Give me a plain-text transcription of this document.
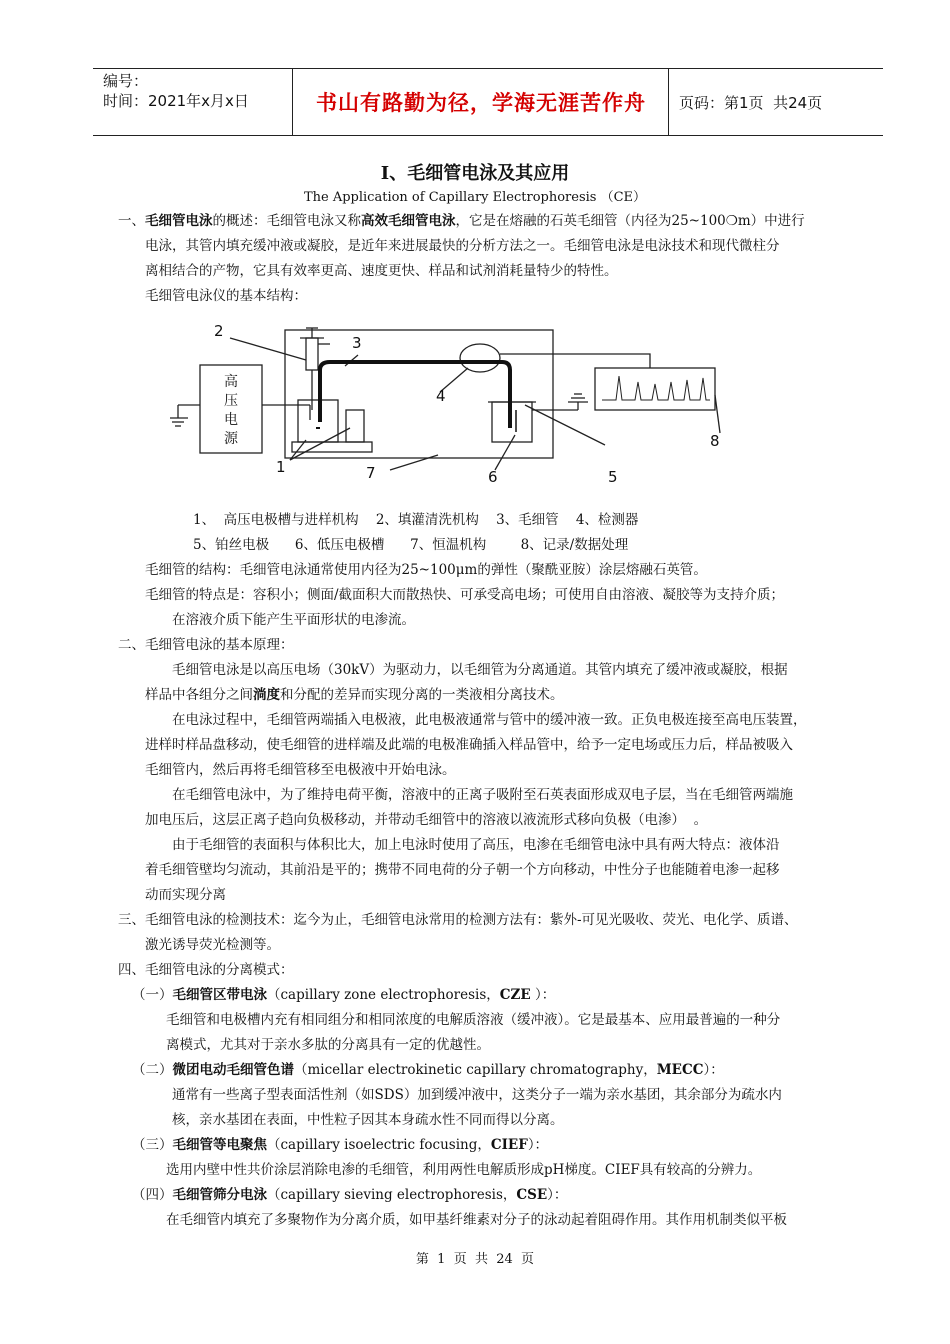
编号：
时间：2021年x月x日	书山有路勤为径，学海无涯苦作舟	页码：第1页  共24页
I、毛细管电泳及其应用
The Application of Capillary Electrophoresis （CE）
一、毛细管电泳的概述：毛细管电泳又称高效毛细管电泳，它是在熔融的石英毛细管（内径为25~100❍m）中进行
电泳，其管内填充缓冲液或凝胶，是近年来进展最快的分析方法之一。毛细管电泳是电泳技术和现代微柱分
离相结合的产物，它具有效率更高、速度更快、样品和试剂消耗量特少的特性。
毛细管电泳仪的基本结构：
2
3
4
8
5
6
7
1
高
压
电
源
1、  高压电极槽与进样机构    2、填灌清洗机构    3、毛细管    4、检测器
5、铂丝电极      6、低压电极槽      7、恒温机构        8、记录/数据处理
毛细管的结构：毛细管电泳通常使用内径为25~100μm的弹性（聚酰亚胺）涂层熔融石英管。
毛细管的特点是：容积小；侧面/截面积大而散热快、可承受高电场；可使用自由溶液、凝胶等为支持介质；
在溶液介质下能产生平面形状的电渗流。
二、毛细管电泳的基本原理：
毛细管电泳是以高压电场（30kV）为驱动力，以毛细管为分离通道。其管内填充了缓冲液或凝胶，根据
样品中各组分之间淌度和分配的差异而实现分离的一类液相分离技术。
在电泳过程中，毛细管两端插入电极液，此电极液通常与管中的缓冲液一致。正负电极连接至高电压装置，
进样时样品盘移动，使毛细管的进样端及此端的电极准确插入样品管中，给予一定电场或压力后，样品被吸入
毛细管内，然后再将毛细管移至电极液中开始电泳。
在毛细管电泳中，为了维持电荷平衡，溶液中的正离子吸附至石英表面形成双电子层，当在毛细管两端施
加电压后，这层正离子趋向负极移动，并带动毛细管中的溶液以液流形式移向负极（电渗）  。
由于毛细管的表面积与体积比大，加上电泳时使用了高压，电渗在毛细管电泳中具有两大特点：液体沿
着毛细管壁均匀流动，其前沿是平的；携带不同电荷的分子朝一个方向移动，中性分子也能随着电渗一起移
动而实现分离
三、毛细管电泳的检测技术：迄今为止，毛细管电泳常用的检测方法有：紫外-可见光吸收、荧光、电化学、质谱、
激光诱导荧光检测等。
四、毛细管电泳的分离模式：
（一）毛细管区带电泳（capillary zone electrophoresis，CZE ）：
毛细管和电极槽内充有相同组分和相同浓度的电解质溶液（缓冲液）。它是最基本、应用最普遍的一种分
离模式，尤其对于亲水多肽的分离具有一定的优越性。
（二）微团电动毛细管色谱（micellar electrokinetic capillary chromatography，MECC）：
通常有一些离子型表面活性剂（如SDS）加到缓冲液中，这类分子一端为亲水基团，其余部分为疏水内
核，亲水基团在表面，中性粒子因其本身疏水性不同而得以分离。
（三）毛细管等电聚焦（capillary isoelectric focusing，CIEF）：
选用内壁中性共价涂层消除电渗的毛细管，利用两性电解质形成pH梯度。CIEF具有较高的分辨力。
（四）毛细管筛分电泳（capillary sieving electrophoresis，CSE）：
在毛细管内填充了多聚物作为分离介质，如甲基纤维素对分子的泳动起着阻碍作用。其作用机制类似平板
第  1  页  共  24  页
